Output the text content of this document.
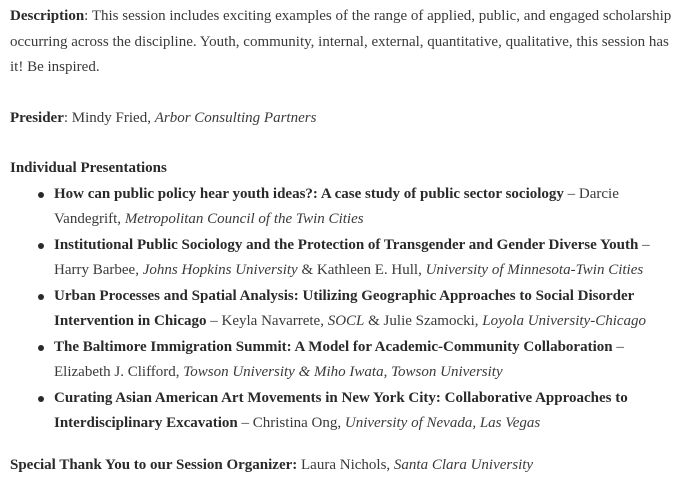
Description: This session includes exciting examples of the range of applied, public, and engaged scholarship occurring across the discipline. Youth, community, internal, external, quantitative, qualitative, this session has it! Be inspired.

Presider: Mindy Fried, Arbor Consulting Partners

Individual Presentations

How can public policy hear youth ideas?: A case study of public sector sociology – Darcie Vandegrift, Metropolitan Council of the Twin Cities
Institutional Public Sociology and the Protection of Transgender and Gender Diverse Youth – Harry Barbee, Johns Hopkins University & Kathleen E. Hull, University of Minnesota-Twin Cities
Urban Processes and Spatial Analysis: Utilizing Geographic Approaches to Social Disorder Intervention in Chicago – Keyla Navarrete, SOCL & Julie Szamocki, Loyola University-Chicago
The Baltimore Immigration Summit: A Model for Academic-Community Collaboration – Elizabeth J. Clifford, Towson University & Miho Iwata, Towson University
Curating Asian American Art Movements in New York City: Collaborative Approaches to Interdisciplinary Excavation – Christina Ong, University of Nevada, Las Vegas

Special Thank You to our Session Organizer: Laura Nichols, Santa Clara University
